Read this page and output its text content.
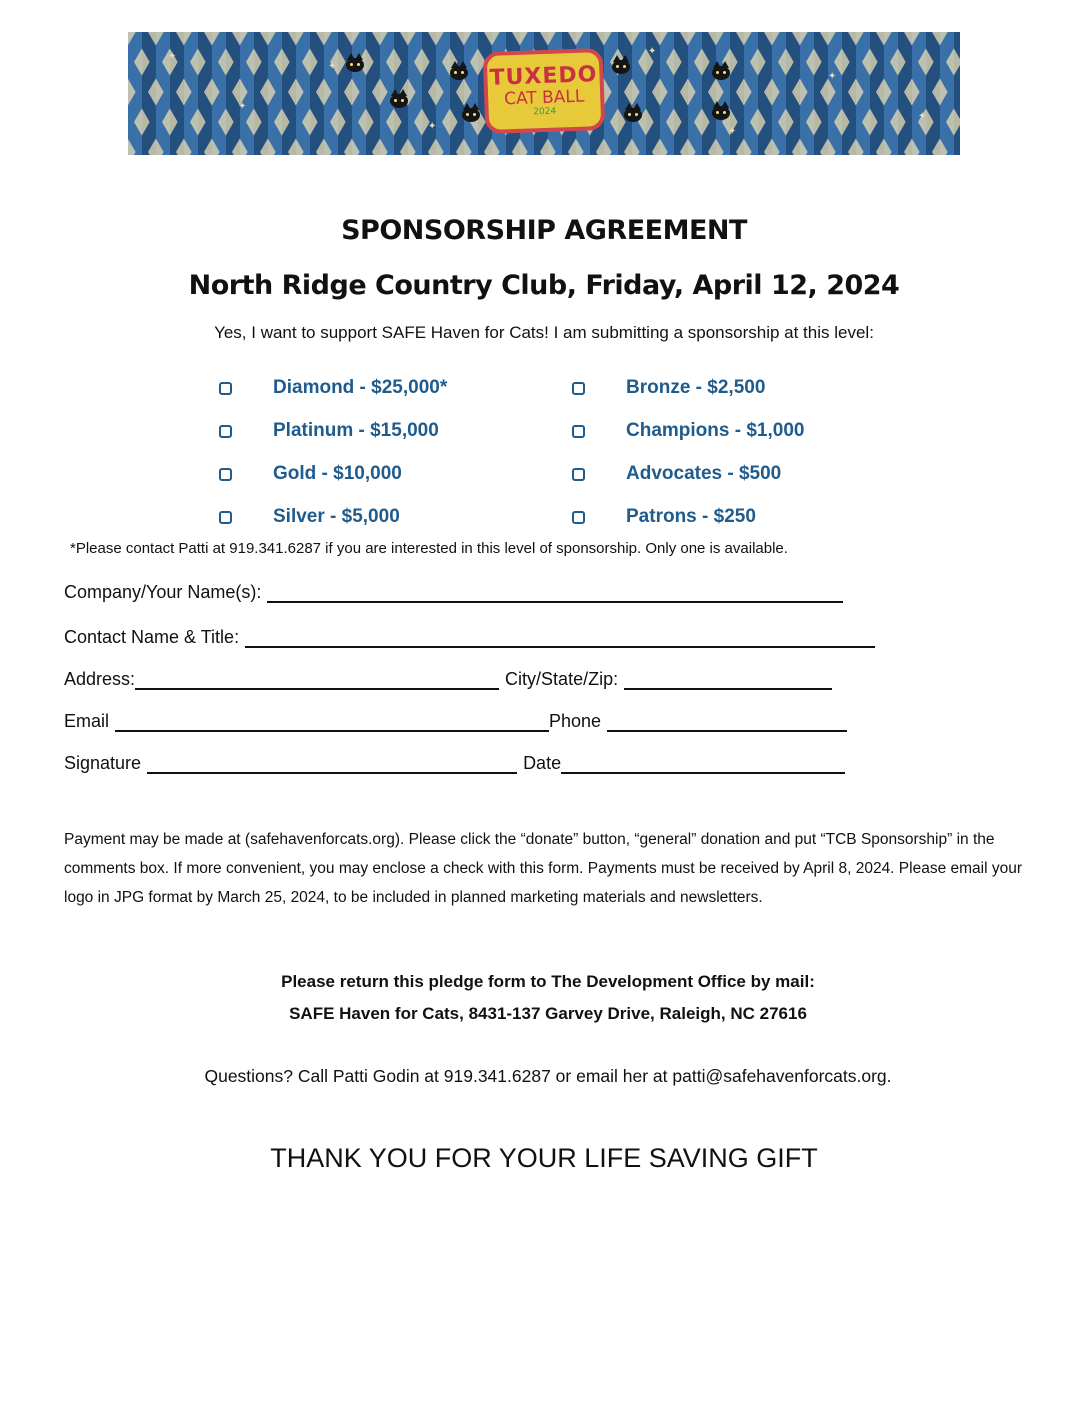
✦
✦
✦
✦
✦
✦
✦
✦
TUXEDO
CAT BALL
2024
SPONSORSHIP AGREEMENT
North Ridge Country Club, Friday, April 12, 2024
Yes, I want to support SAFE Haven for Cats! I am submitting a sponsorship at this level:
Diamond - $25,000*
Platinum - $15,000
Gold - $10,000
Silver - $5,000
Bronze - $2,500
Champions - $1,000
Advocates - $500
Patrons - $250
*Please contact Patti at 919.341.6287 if you are interested in this level of sponsorship. Only one is available.
Company/Your Name(s):
Contact Name & Title:
Address:	City/State/Zip:
Email	Phone
Signature	Date
Payment may be made at (safehavenforcats.org). Please click the “donate” button, “general” donation and put “TCB Sponsorship” in the comments box. If more convenient, you may enclose a check with this form. Payments must be received by April 8, 2024. Please email your logo in JPG format by March 25, 2024, to be included in planned marketing materials and newsletters.
Please return this pledge form to The Development Office by mail:
SAFE Haven for Cats, 8431-137 Garvey Drive, Raleigh, NC 27616
Questions? Call Patti Godin at 919.341.6287 or email her at patti@safehavenforcats.org.
THANK YOU FOR YOUR LIFE SAVING GIFT
